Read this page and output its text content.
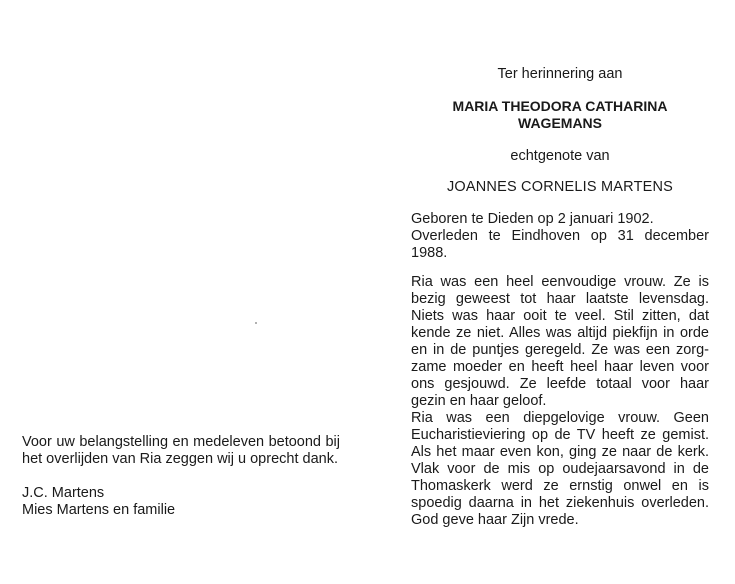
Voor uw belangstelling en medeleven betoond bij het overlijden van Ria zeggen wij u oprecht dank.

J.C. Martens

Mies Martens en familie

Ter herinnering aan

MARIA THEODORA CATHARINA
WAGEMANS

echtgenote van

JOANNES CORNELIS MARTENS

Geboren te Dieden op 2 januari 1902.

Overleden te Eindhoven op 31 december 1988.

Ria was een heel eenvoudige vrouw. Ze is

bezig geweest tot haar laatste levensdag.

Niets was haar ooit te veel. Stil zitten, dat

kende ze niet. Alles was altijd piekfijn in orde

en in de puntjes geregeld. Ze was een zorg-

zame moeder en heeft heel haar leven voor

ons gesjouwd. Ze leefde totaal voor haar

gezin en haar geloof.

Ria was een diepgelovige vrouw. Geen

Eucharistieviering op de TV heeft ze gemist.

Als het maar even kon, ging ze naar de kerk.

Vlak voor de mis op oudejaarsavond in de

Thomaskerk werd ze ernstig onwel en is

spoedig daarna in het ziekenhuis overleden.

God geve haar Zijn vrede.
